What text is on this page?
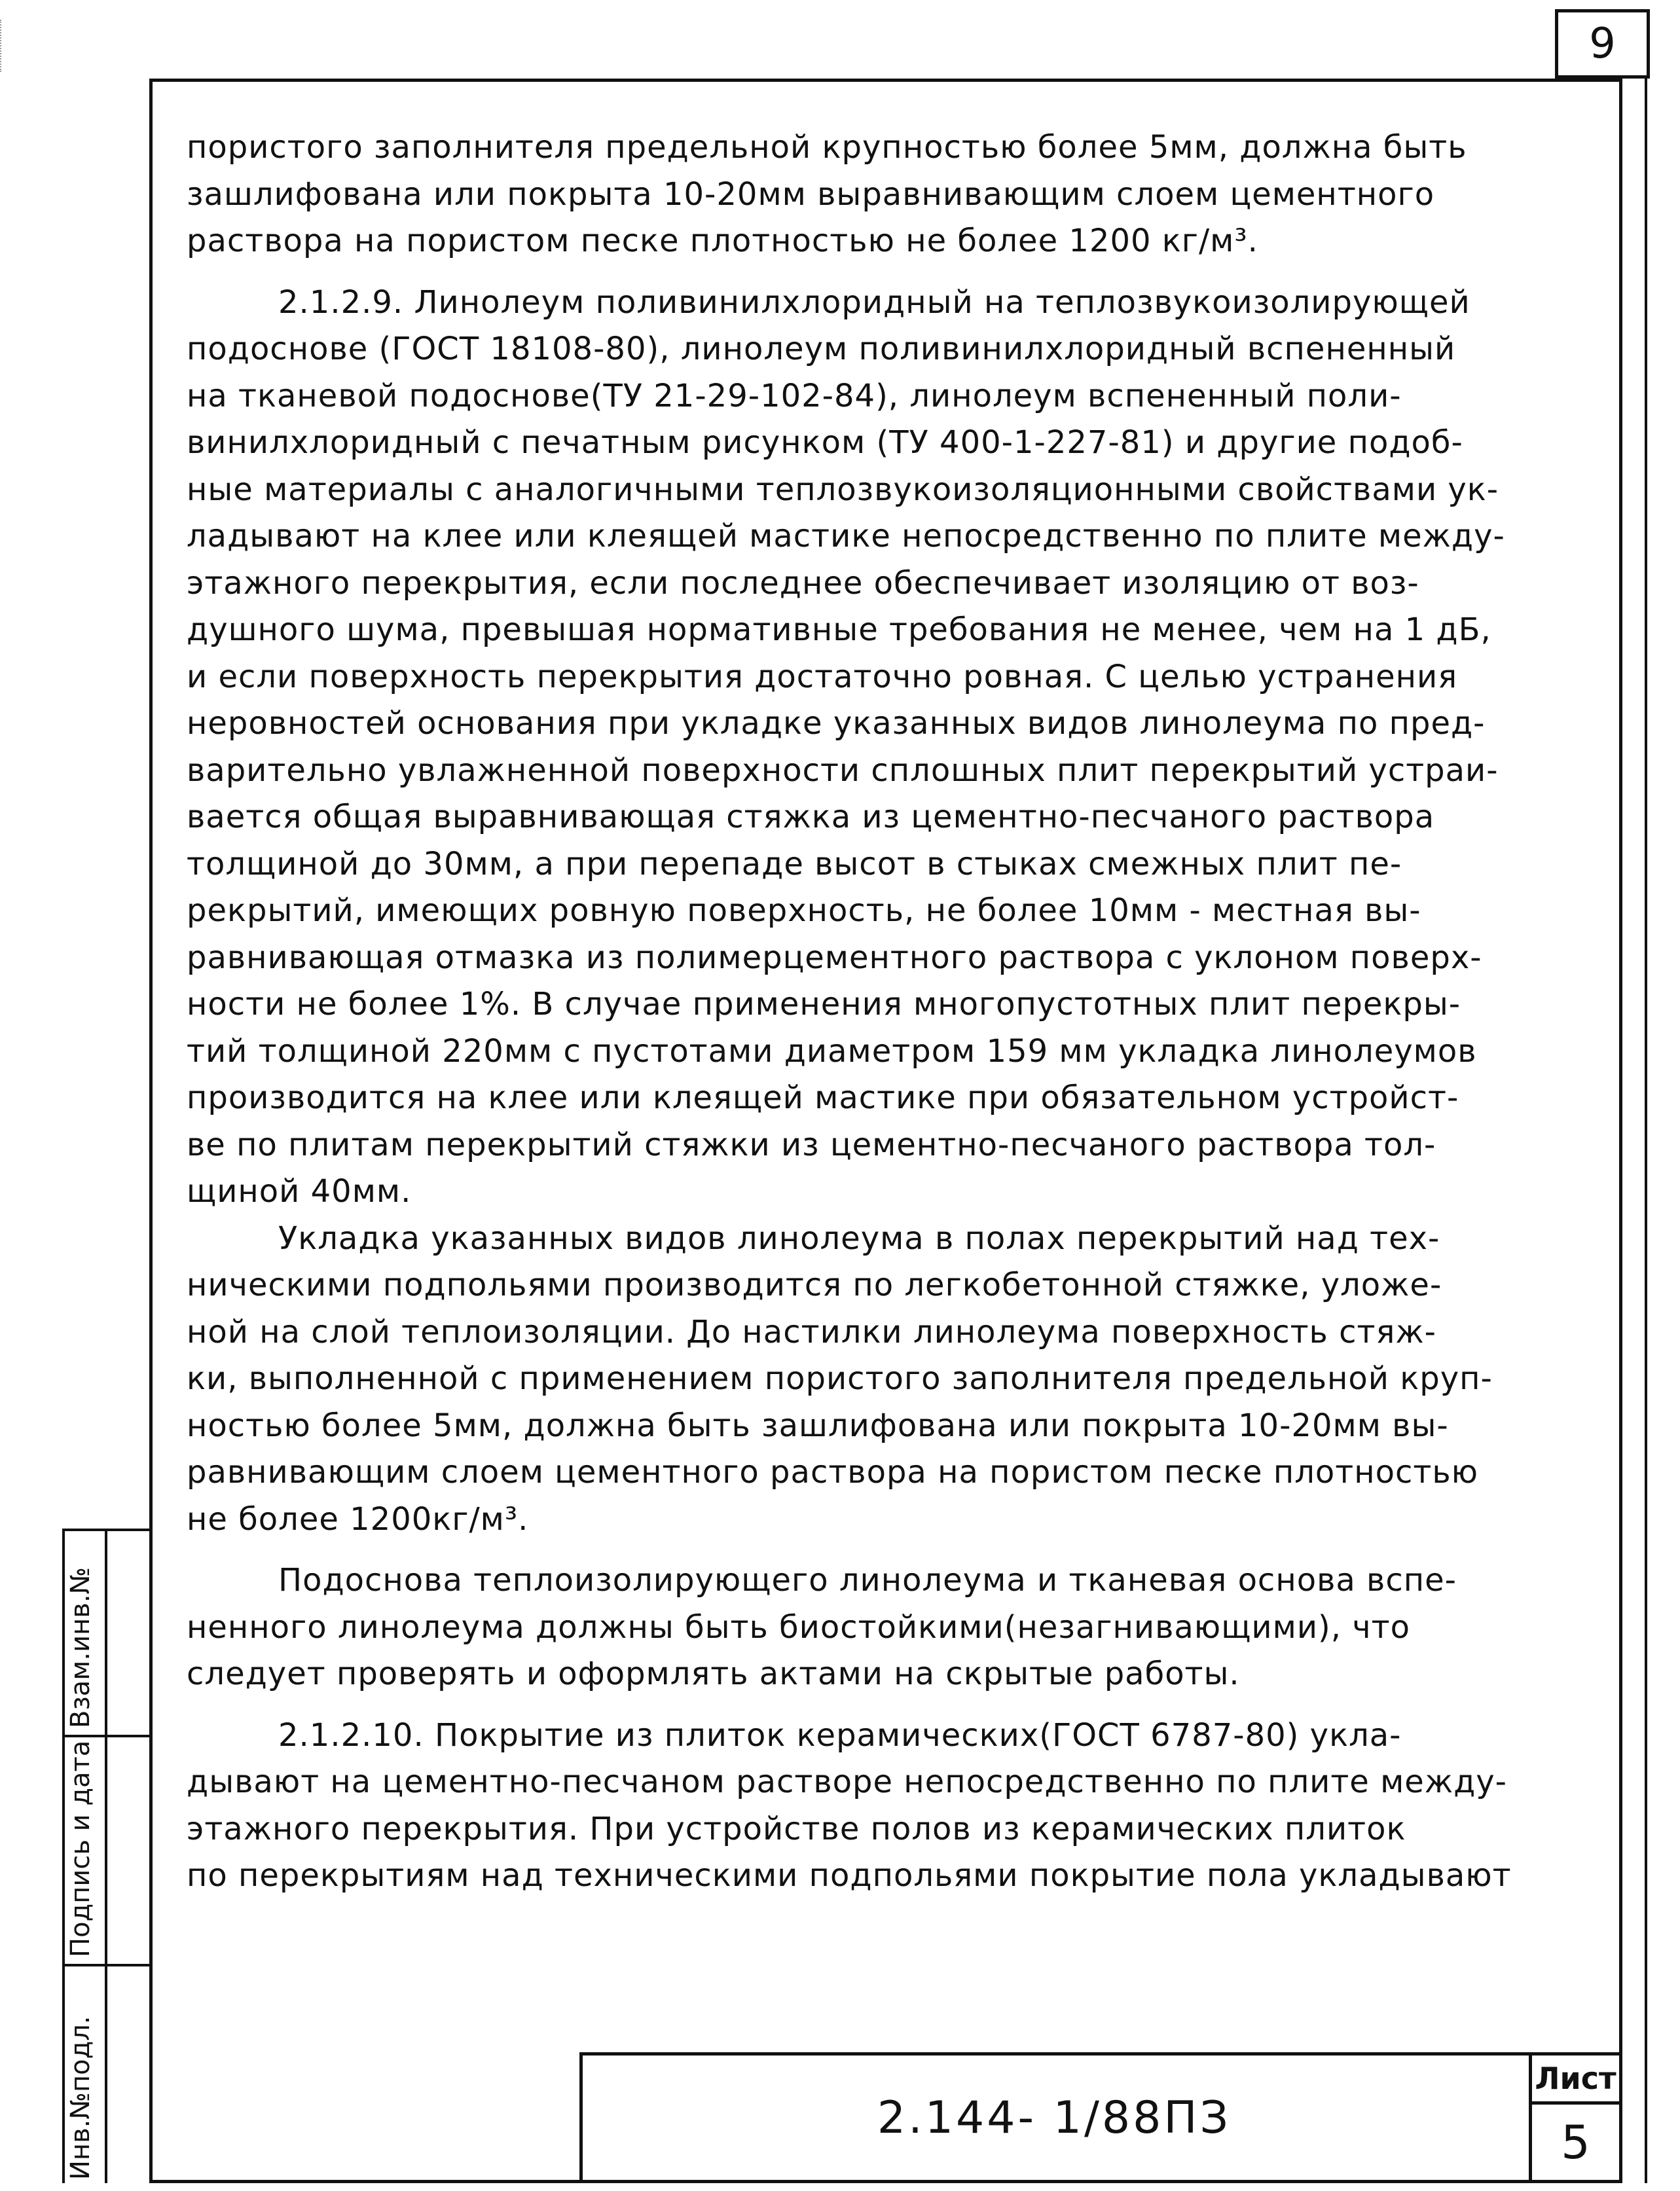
9
пористого заполнителя предельной крупностью более 5мм, должна быть
зашлифована или покрыта 10-20мм выравнивающим слоем цементного
раствора на пористом песке плотностью не более 1200 кг/м³.
2.1.2.9. Линолеум поливинилхлоридный на теплозвукоизолирующей
подоснове (ГОСТ 18108-80), линолеум поливинилхлоридный вспененный
на тканевой подоснове(ТУ 21-29-102-84), линолеум вспененный поли-
винилхлоридный с печатным рисунком (ТУ 400-1-227-81) и другие подоб-
ные материалы с аналогичными теплозвукоизоляционными свойствами ук-
ладывают на клее или клеящей мастике непосредственно по плите между-
этажного перекрытия, если последнее обеспечивает изоляцию от воз-
душного шума, превышая нормативные требования не менее, чем на 1 дБ,
и если поверхность перекрытия достаточно ровная. С целью устранения
неровностей основания при укладке указанных видов линолеума по пред-
варительно увлажненной поверхности сплошных плит перекрытий устраи-
вается общая выравнивающая стяжка из цементно-песчаного раствора
толщиной до 30мм, а при перепаде высот в стыках смежных плит пе-
рекрытий, имеющих ровную поверхность, не более 10мм - местная вы-
равнивающая отмазка из полимерцементного раствора с уклоном поверх-
ности не более 1%. В случае применения многопустотных плит перекры-
тий толщиной 220мм с пустотами диаметром 159 мм укладка линолеумов
производится на клее или клеящей мастике при обязательном устройст-
ве по плитам перекрытий стяжки из цементно-песчаного раствора тол-
щиной 40мм.
Укладка указанных видов линолеума в полах перекрытий над тех-
ническими подпольями производится по легкобетонной стяжке, уложе-
ной на слой теплоизоляции. До настилки линолеума поверхность стяж-
ки, выполненной с применением пористого заполнителя предельной круп-
ностью более 5мм, должна быть зашлифована или покрыта 10-20мм вы-
равнивающим слоем цементного раствора на пористом песке плотностью
не более 1200кг/м³.
Подоснова теплоизолирующего линолеума и тканевая основа вспе-
ненного линолеума должны быть биостойкими(незагнивающими), что
следует проверять и оформлять актами на скрытые работы.
2.1.2.10. Покрытие из плиток керамических(ГОСТ 6787-80) укла-
дывают на цементно-песчаном растворе непосредственно по плите между-
этажного перекрытия. При устройстве полов из керамических плиток
по перекрытиям над техническими подпольями покрытие пола укладывают
Взам.инв.№
Подпись и дата
Инв.№подл.	2.144- 1/88ПЗ
Лист
5
